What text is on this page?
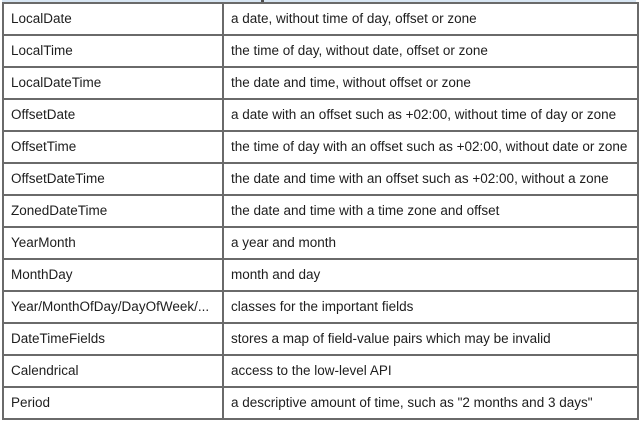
LocalDate	a date, without time of day, offset or zone
LocalTime	the time of day, without date, offset or zone
LocalDateTime	the date and time, without offset or zone
OffsetDate	a date with an offset such as +02:00, without time of day or zone
OffsetTime	the time of day with an offset such as +02:00, without date or zone
OffsetDateTime	the date and time with an offset such as +02:00, without a zone
ZonedDateTime	the date and time with a time zone and offset
YearMonth	a year and month
MonthDay	month and day
Year/MonthOfDay/DayOfWeek/...	classes for the important fields
DateTimeFields	stores a map of field-value pairs which may be invalid
Calendrical	access to the low-level API
Period	a descriptive amount of time, such as "2 months and 3 days"
